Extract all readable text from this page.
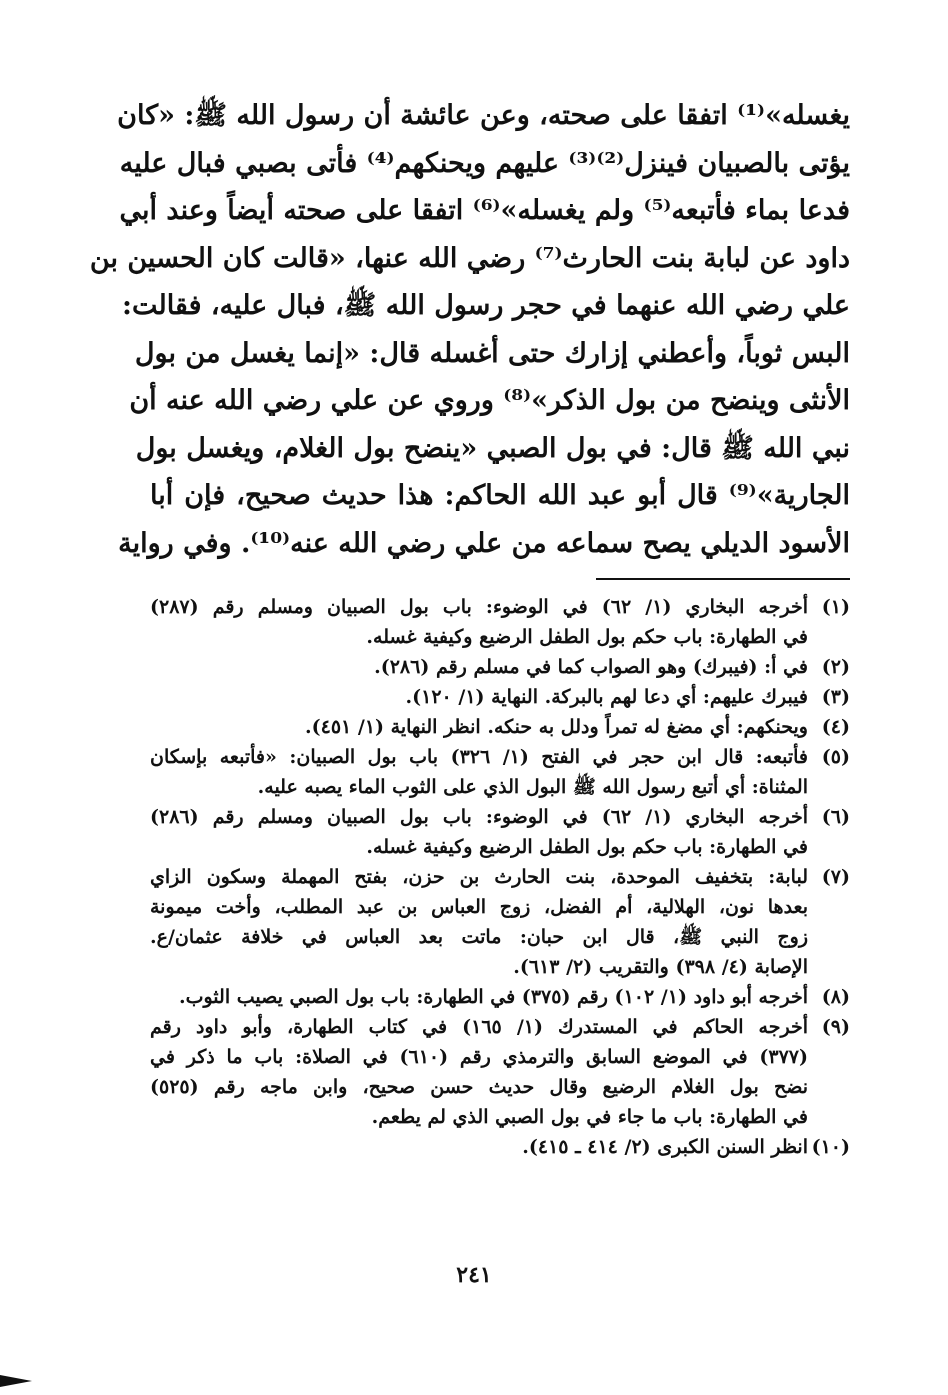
يغسله»⁽¹⁾ اتفقا على صحته، وعن عائشة أن رسول الله ﷺ: «كان
يؤتى بالصبيان فينزل⁽²⁾⁽³⁾ عليهم ويحنكهم⁽⁴⁾ فأتى بصبي فبال عليه
فدعا بماء فأتبعه⁽⁵⁾ ولم يغسله»⁽⁶⁾ اتفقا على صحته أيضاً وعند أبي
داود عن لبابة بنت الحارث⁽⁷⁾ رضي الله عنها، «قالت كان الحسين بن
علي رضي الله عنهما في حجر رسول الله ﷺ، فبال عليه، فقالت:
البس ثوباً، وأعطني إزارك حتى أغسله قال: «إنما يغسل من بول
الأنثى وينضح من بول الذكر»⁽⁸⁾ وروي عن علي رضي الله عنه أن
نبي الله ﷺ قال: في بول الصبي «ينضح بول الغلام، ويغسل بول
الجارية»⁽⁹⁾ قال أبو عبد الله الحاكم: هذا حديث صحيح، فإن أبا
الأسود الديلي يصح سماعه من علي رضي الله عنه⁽¹⁰⁾. وفي رواية
(١)
أخرجه البخاري (١/ ٦٢) في الوضوء: باب بول الصبيان ومسلم رقم (٢٨٧)
في الطهارة: باب حكم بول الطفل الرضيع وكيفية غسله.
(٢)
في أ: (فيبرك) وهو الصواب كما في مسلم رقم (٢٨٦).
(٣)
فيبرك عليهم: أي دعا لهم بالبركة. النهاية (١/ ١٢٠).
(٤)
ويحنكهم: أي مضغ له تمراً ودلل به حنكه. انظر النهاية (١/ ٤٥١).
(٥)
فأتبعه: قال ابن حجر في الفتح (١/ ٣٢٦) باب بول الصبيان: «فأتبعه بإسكان
المثناة: أي أتبع رسول الله ﷺ البول الذي على الثوب الماء يصبه عليه.
(٦)
أخرجه البخاري (١/ ٦٢) في الوضوء: باب بول الصبيان ومسلم رقم (٢٨٦)
في الطهارة: باب حكم بول الطفل الرضيع وكيفية غسله.
(٧)
لبابة: بتخفيف الموحدة، بنت الحارث بن حزن، بفتح المهملة وسكون الزاي
بعدها نون، الهلالية، أم الفضل، زوج العباس بن عبد المطلب، وأخت ميمونة
زوج النبي ﷺ، قال ابن حبان: ماتت بعد العباس في خلافة عثمان/ع.
الإصابة (٤/ ٣٩٨) والتقريب (٢/ ٦١٣).
(٨)
أخرجه أبو داود (١/ ١٠٢) رقم (٣٧٥) في الطهارة: باب بول الصبي يصيب الثوب.
(٩)
أخرجه الحاكم في المستدرك (١/ ١٦٥) في كتاب الطهارة، وأبو داود رقم
(٣٧٧) في الموضع السابق والترمذي رقم (٦١٠) في الصلاة: باب ما ذكر في
نضح بول الغلام الرضيع وقال حديث حسن صحيح، وابن ماجه رقم (٥٢٥)
في الطهارة: باب ما جاء في بول الصبي الذي لم يطعم.
(١٠)
انظر السنن الكبرى (٢/ ٤١٤ ـ ٤١٥).
٢٤١
